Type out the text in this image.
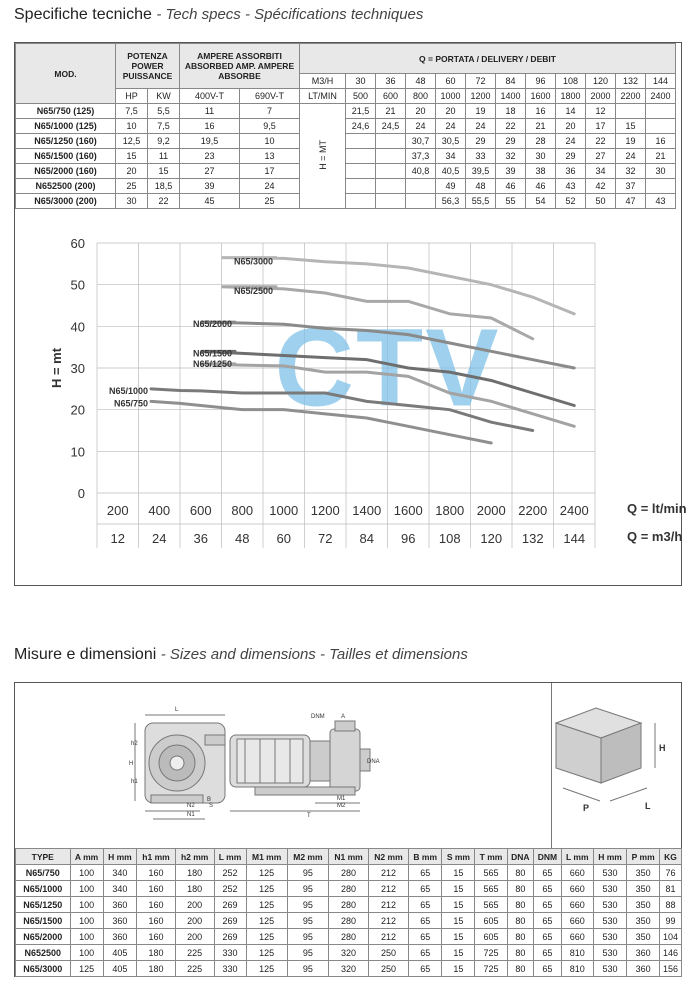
Specifiche tecniche - Tech specs - Spécifications techniques
MOD.	POTENZA POWER PUISSANCE		AMPERE ASSORBITI ABSORBED AMP. AMPERE ABSORBE		Q = PORTATA / DELIVERY / DEBIT											
					M3/H	30	36	48	60	72	84	96	108	120	132	144
	HP	KW	400V-T	690V-T	LT/MIN	500	600	800	1000	1200	1400	1600	1800	2000	2200	2400
N65/750 (125)	7,5	5,5	11	7	H = MT	21,5	21	20	20	19	18	16	14	12		
N65/1000 (125)	10	7,5	16	9,5		24,6	24,5	24	24	24	22	21	20	17	15	
N65/1250 (160)	12,5	9,2	19,5	10				30,7	30,5	29	29	28	24	22	19	16
N65/1500 (160)	15	11	23	13				37,3	34	33	32	30	29	27	24	21
N65/2000 (160)	20	15	27	17				40,8	40,5	39,5	39	38	36	34	32	30
N652500 (200)	25	18,5	39	24					49	48	46	46	43	42	37	
N65/3000 (200)	30	22	45	25					56,3	55,5	55	54	52	50	47	43
0
10
20
30
40
50
60
CTV
200 400 600 800 1000 1200 1400 1600 1800 2000 2200 2400
12 24 36 48 60 72 84 96 108 120 132 144
Q = lt/min
Q = m3/h
H = mt
N65/3000
N65/2500
N65/2000
N65/1500
N65/1250
N65/1000
N65/750
Misure e dimensioni - Sizes and dimensions - Tailles et dimensions
L
h2
H
h1
N2
N1
B
S
DNM	A
DNA
M2
M1
T
H
P	L
TYPE	A mm	H mm	h1 mm	h2 mm	L mm	M1 mm	M2 mm	N1 mm	N2 mm	B mm	S mm	T mm	DNA	DNM	L mm	H mm	P mm	KG
N65/750	100	340	160	180	252	125	95	280	212	65	15	565	80	65	660	530	350	76
N65/1000	100	340	160	180	252	125	95	280	212	65	15	565	80	65	660	530	350	81
N65/1250	100	360	160	200	269	125	95	280	212	65	15	565	80	65	660	530	350	88
N65/1500	100	360	160	200	269	125	95	280	212	65	15	605	80	65	660	530	350	99
N65/2000	100	360	160	200	269	125	95	280	212	65	15	605	80	65	660	530	350	104
N652500	100	405	180	225	330	125	95	320	250	65	15	725	80	65	810	530	360	146
N65/3000	125	405	180	225	330	125	95	320	250	65	15	725	80	65	810	530	360	156
